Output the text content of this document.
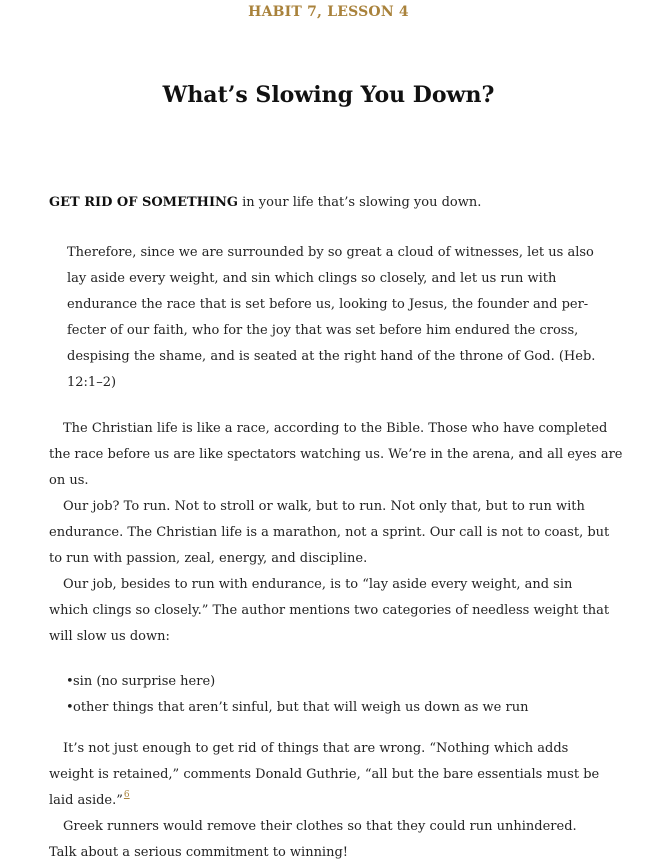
HABIT 7, LESSON 4
What’s Slowing You Down?
GET RID OF SOMETHING in your life that’s slowing you down.
Therefore, since we are surrounded by so great a cloud of witnesses, let us also
lay aside every weight, and sin which clings so closely, and let us run with
endurance the race that is set before us, looking to Jesus, the founder and per-
fecter of our faith, who for the joy that was set before him endured the cross,
despising the shame, and is seated at the right hand of the throne of God. (Heb.
12:1–2)
The Christian life is like a race, according to the Bible. Those who have completed
the race before us are like spectators watching us. We’re in the arena, and all eyes are
on us.
Our job? To run. Not to stroll or walk, but to run. Not only that, but to run with
endurance. The Christian life is a marathon, not a sprint. Our call is not to coast, but
to run with passion, zeal, energy, and discipline.
Our job, besides to run with endurance, is to “lay aside every weight, and sin
which clings so closely.” The author mentions two categories of needless weight that
will slow us down:
•sin (no surprise here)
•other things that aren’t sinful, but that will weigh us down as we run
It’s not just enough to get rid of things that are wrong. “Nothing which adds
weight is retained,” comments Donald Guthrie, “all but the bare essentials must be
laid aside.”$^6$
Greek runners would remove their clothes so that they could run unhindered.
Talk about a serious commitment to winning!
